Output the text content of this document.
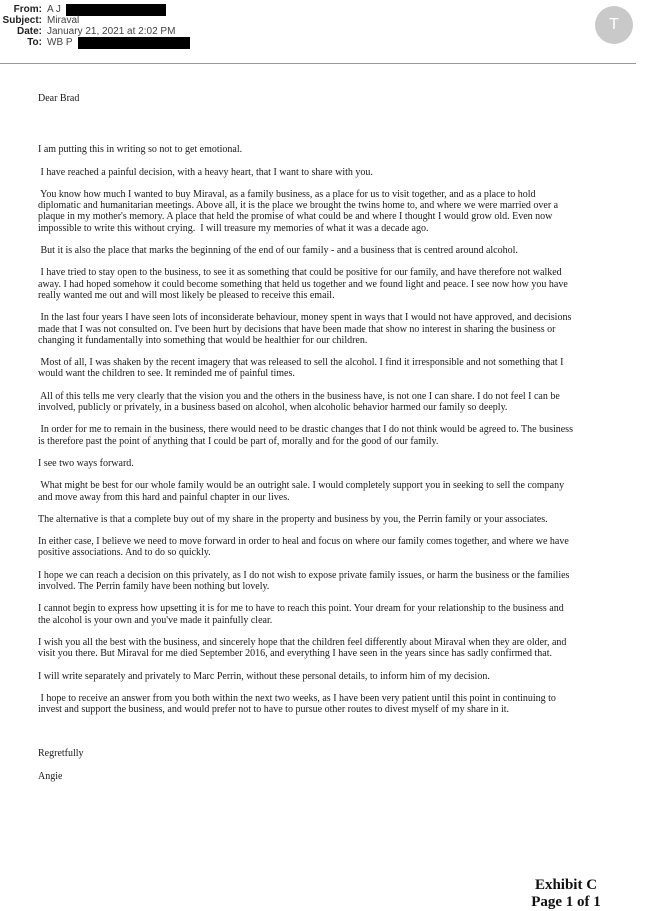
From: A J
Subject: Miraval
Date: January 21, 2021 at 2:02 PM
To: WB P
T
Dear Brad
I am putting this in writing so not to get emotional.
I have reached a painful decision, with a heavy heart, that I want to share with you.
You know how much I wanted to buy Miraval, as a family business, as a place for us to visit together, and as a place to hold
diplomatic and humanitarian meetings. Above all, it is the place we brought the twins home to, and where we were married over a
plaque in my mother's memory. A place that held the promise of what could be and where I thought I would grow old. Even now
impossible to write this without crying.  I will treasure my memories of what it was a decade ago.
But it is also the place that marks the beginning of the end of our family - and a business that is centred around alcohol.
I have tried to stay open to the business, to see it as something that could be positive for our family, and have therefore not walked
away. I had hoped somehow it could become something that held us together and we found light and peace. I see now how you have
really wanted me out and will most likely be pleased to receive this email.
In the last four years I have seen lots of inconsiderate behaviour, money spent in ways that I would not have approved, and decisions
made that I was not consulted on. I've been hurt by decisions that have been made that show no interest in sharing the business or
changing it fundamentally into something that would be healthier for our children.
Most of all, I was shaken by the recent imagery that was released to sell the alcohol. I find it irresponsible and not something that I
would want the children to see. It reminded me of painful times.
All of this tells me very clearly that the vision you and the others in the business have, is not one I can share. I do not feel I can be
involved, publicly or privately, in a business based on alcohol, when alcoholic behavior harmed our family so deeply.
In order for me to remain in the business, there would need to be drastic changes that I do not think would be agreed to. The business
is therefore past the point of anything that I could be part of, morally and for the good of our family.
I see two ways forward.
What might be best for our whole family would be an outright sale. I would completely support you in seeking to sell the company
and move away from this hard and painful chapter in our lives.
The alternative is that a complete buy out of my share in the property and business by you, the Perrin family or your associates.
In either case, I believe we need to move forward in order to heal and focus on where our family comes together, and where we have
positive associations. And to do so quickly.
I hope we can reach a decision on this privately, as I do not wish to expose private family issues, or harm the business or the families
involved. The Perrin family have been nothing but lovely.
I cannot begin to express how upsetting it is for me to have to reach this point. Your dream for your relationship to the business and
the alcohol is your own and you've made it painfully clear.
I wish you all the best with the business, and sincerely hope that the children feel differently about Miraval when they are older, and
visit you there. But Miraval for me died September 2016, and everything I have seen in the years since has sadly confirmed that.
I will write separately and privately to Marc Perrin, without these personal details, to inform him of my decision.
I hope to receive an answer from you both within the next two weeks, as I have been very patient until this point in continuing to
invest and support the business, and would prefer not to have to pursue other routes to divest myself of my share in it.
Regretfully
Angie
Exhibit C
Page 1 of 1
